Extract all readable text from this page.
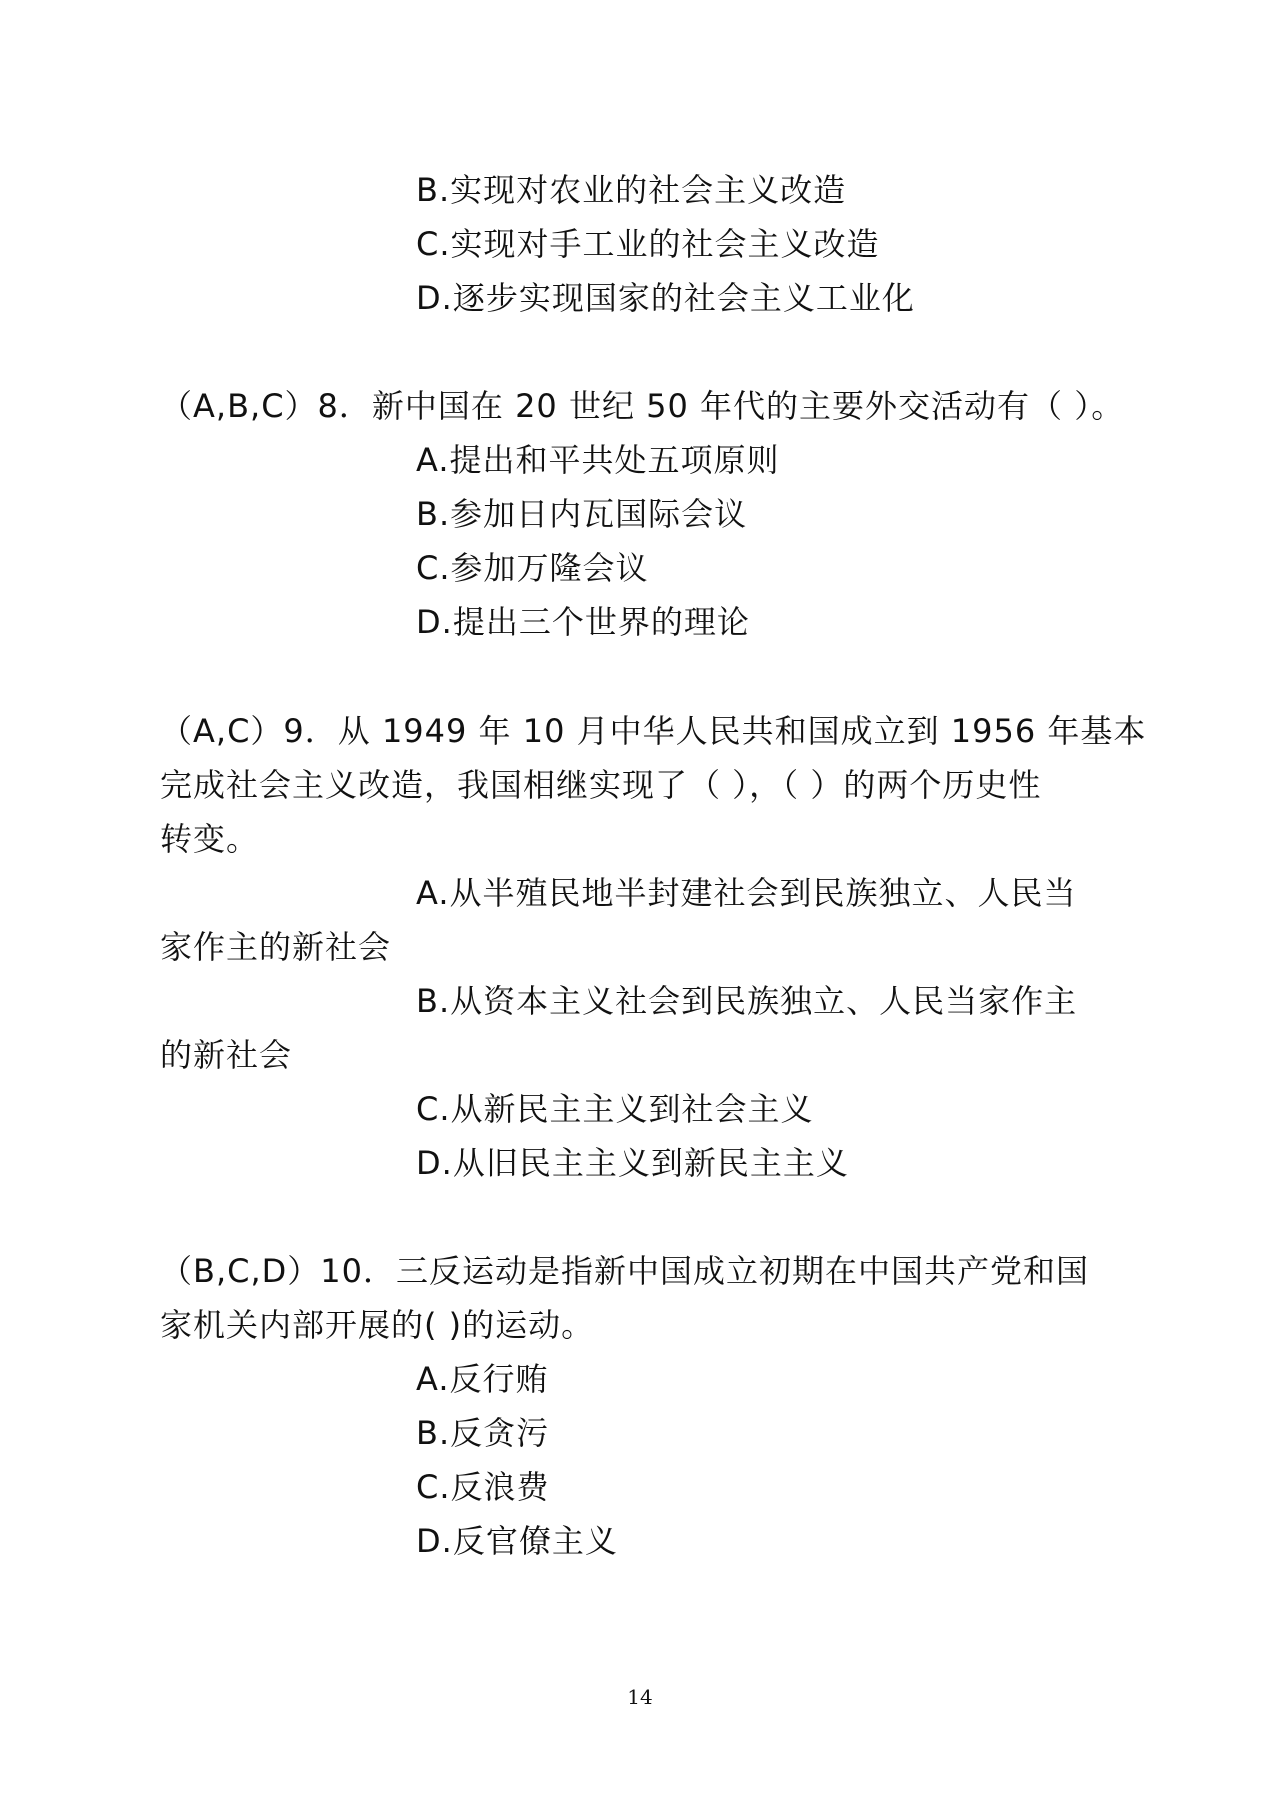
B.实现对农业的社会主义改造
C.实现对手工业的社会主义改造
D.逐步实现国家的社会主义工业化
（A,B,C）8．新中国在 20 世纪 50 年代的主要外交活动有（ ）。
A.提出和平共处五项原则
B.参加日内瓦国际会议
C.参加万隆会议
D.提出三个世界的理论
（A,C）9．从 1949 年 10 月中华人民共和国成立到 1956 年基本
完成社会主义改造，我国相继实现了（ ），（ ）的两个历史性
转变。
A.从半殖民地半封建社会到民族独立、人民当
家作主的新社会
B.从资本主义社会到民族独立、人民当家作主
的新社会
C.从新民主主义到社会主义
D.从旧民主主义到新民主主义
（B,C,D）10．三反运动是指新中国成立初期在中国共产党和国
家机关内部开展的( )的运动。
A.反行贿
B.反贪污
C.反浪费
D.反官僚主义
14
